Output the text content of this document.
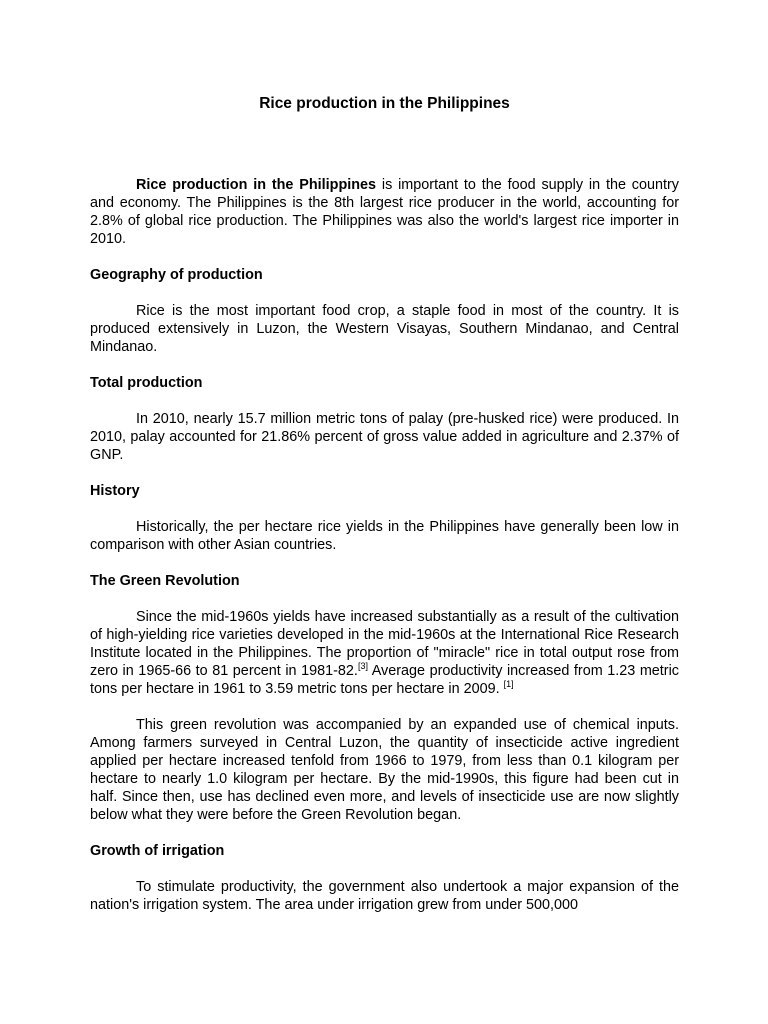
Rice production in the Philippines

Rice production in the Philippines is important to the food supply in the country and economy. The Philippines is the 8th largest rice producer in the world, accounting for 2.8% of global rice production. The Philippines was also the world's largest rice importer in 2010.

Geography of production

Rice is the most important food crop, a staple food in most of the country. It is produced extensively in Luzon, the Western Visayas, Southern Mindanao, and Central Mindanao.

Total production

In 2010, nearly 15.7 million metric tons of palay (pre-husked rice) were produced. In 2010, palay accounted for 21.86% percent of gross value added in agriculture and 2.37% of GNP.

History

Historically, the per hectare rice yields in the Philippines have generally been low in comparison with other Asian countries.

The Green Revolution

Since the mid-1960s yields have increased substantially as a result of the cultivation of high-yielding rice varieties developed in the mid-1960s at the International Rice Research Institute located in the Philippines. The proportion of "miracle" rice in total output rose from zero in 1965-66 to 81 percent in 1981-82.[3] Average productivity increased from 1.23 metric tons per hectare in 1961 to 3.59 metric tons per hectare in 2009. [1]

This green revolution was accompanied by an expanded use of chemical inputs. Among farmers surveyed in Central Luzon, the quantity of insecticide active ingredient applied per hectare increased tenfold from 1966 to 1979, from less than 0.1 kilogram per hectare to nearly 1.0 kilogram per hectare. By the mid-1990s, this figure had been cut in half. Since then, use has declined even more, and levels of insecticide use are now slightly below what they were before the Green Revolution began.

Growth of irrigation

To stimulate productivity, the government also undertook a major expansion of the nation's irrigation system. The area under irrigation grew from under 500,000
